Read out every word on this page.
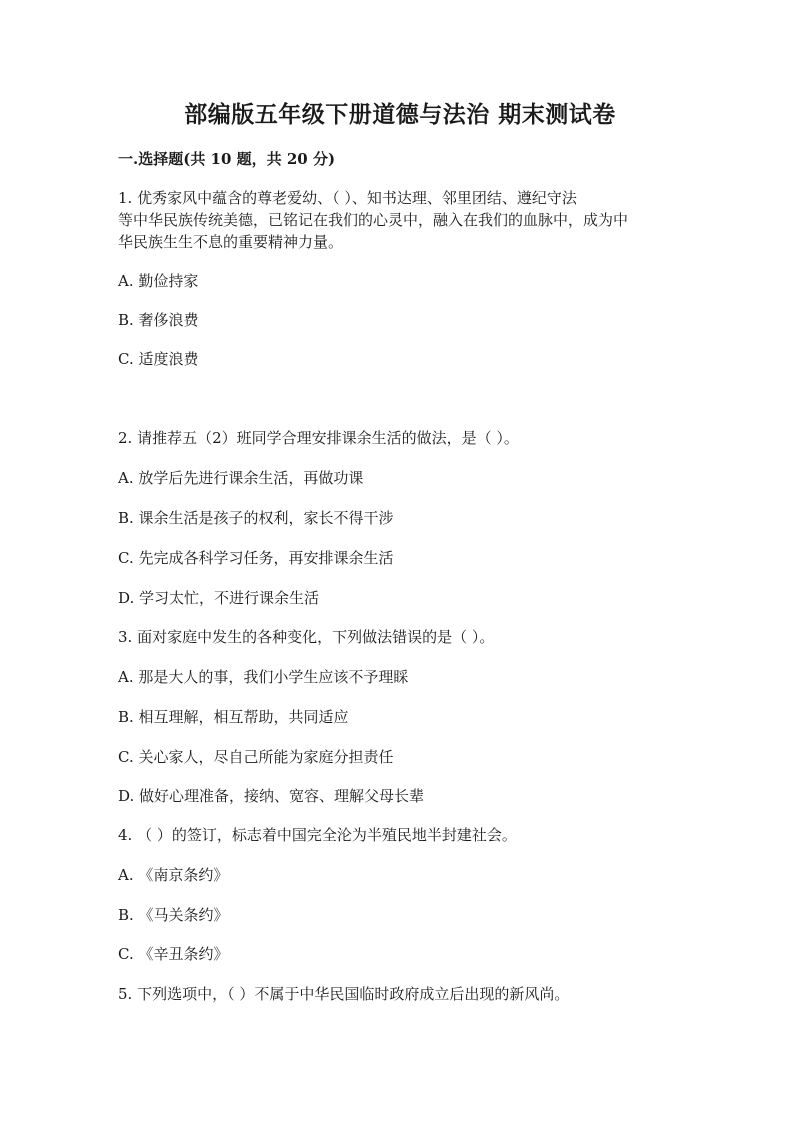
部编版五年级下册道德与法治 期末测试卷
一.选择题(共 10 题，共 20 分)
1. 优秀家风中蕴含的尊老爱幼、（ ）、知书达理、邻里团结、遵纪守法
等中华民族传统美德，已铭记在我们的心灵中，融入在我们的血脉中，成为中
华民族生生不息的重要精神力量。
A. 勤俭持家
B. 奢侈浪费
C. 适度浪费
2. 请推荐五（2）班同学合理安排课余生活的做法，是（ ）。
A. 放学后先进行课余生活，再做功课
B. 课余生活是孩子的权利，家长不得干涉
C. 先完成各科学习任务，再安排课余生活
D. 学习太忙，不进行课余生活
3. 面对家庭中发生的各种变化，下列做法错误的是（ ）。
A. 那是大人的事，我们小学生应该不予理睬
B. 相互理解，相互帮助，共同适应
C. 关心家人，尽自己所能为家庭分担责任
D. 做好心理准备，接纳、宽容、理解父母长辈
4. （ ）的签订，标志着中国完全沦为半殖民地半封建社会。
A. 《南京条约》
B. 《马关条约》
C. 《辛丑条约》
5. 下列选项中，（ ）不属于中华民国临时政府成立后出现的新风尚。
